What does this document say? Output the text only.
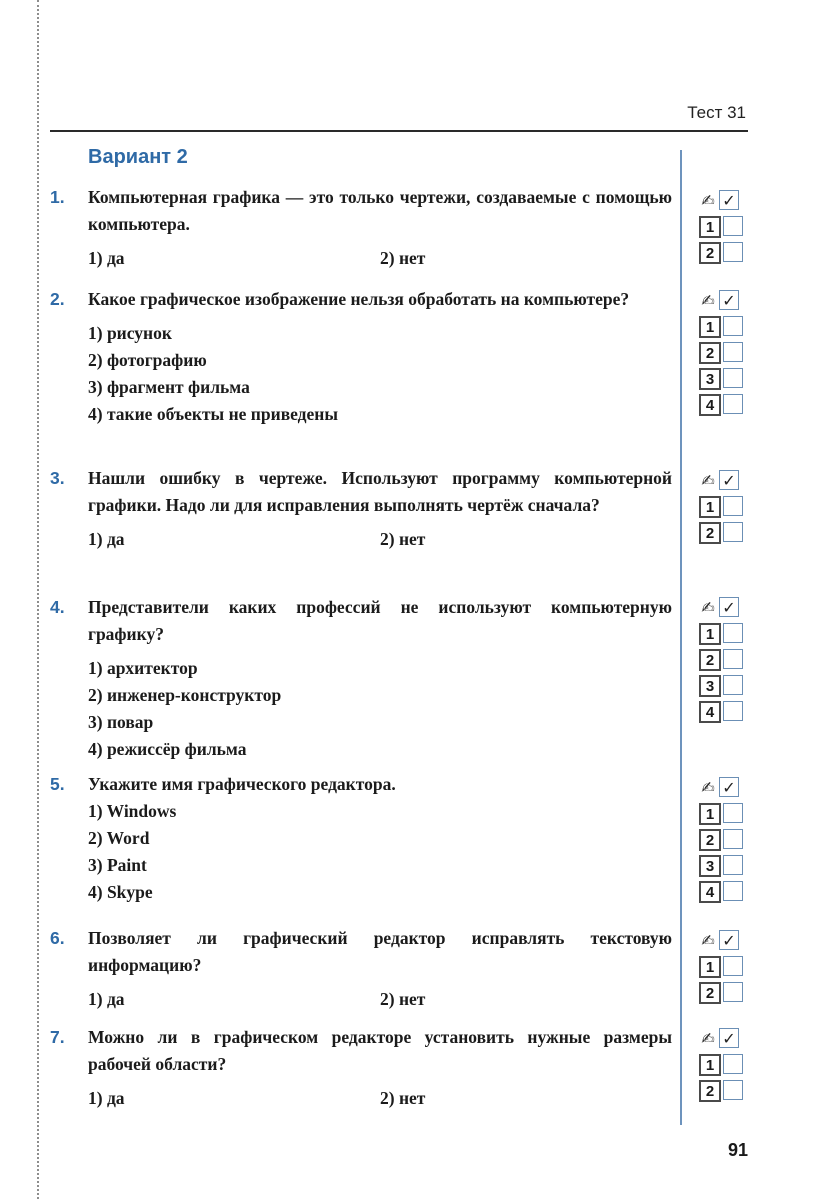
Тест 31
Вариант 2
1.	Компьютерная графика — это только чертежи, создаваемые с помощью компьютера.
1) да	2) нет
✍ ✓
1
2
2.	Какое графическое изображение нельзя обработать на компьютере?
1) рисунок
2) фотографию
3) фрагмент фильма
4) такие объекты не приведены
✍ ✓
1
2
3
4
3.	Нашли ошибку в чертеже. Используют программу компьютерной графики. Надо ли для исправления выполнять чертёж сначала?
1) да	2) нет
✍ ✓
1
2
4.	Представители каких профессий не используют компьютерную графику?
1) архитектор
2) инженер-конструктор
3) повар
4) режиссёр фильма
✍ ✓
1
2
3
4
5.	Укажите имя графического редактора.
1) Windows
2) Word
3) Paint
4) Skype
✍ ✓
1
2
3
4
6.	Позволяет ли графический редактор исправлять текстовую информацию?
1) да	2) нет
✍ ✓
1
2
7.	Можно ли в графическом редакторе установить нужные размеры рабочей области?
1) да	2) нет
✍ ✓
1
2
91
